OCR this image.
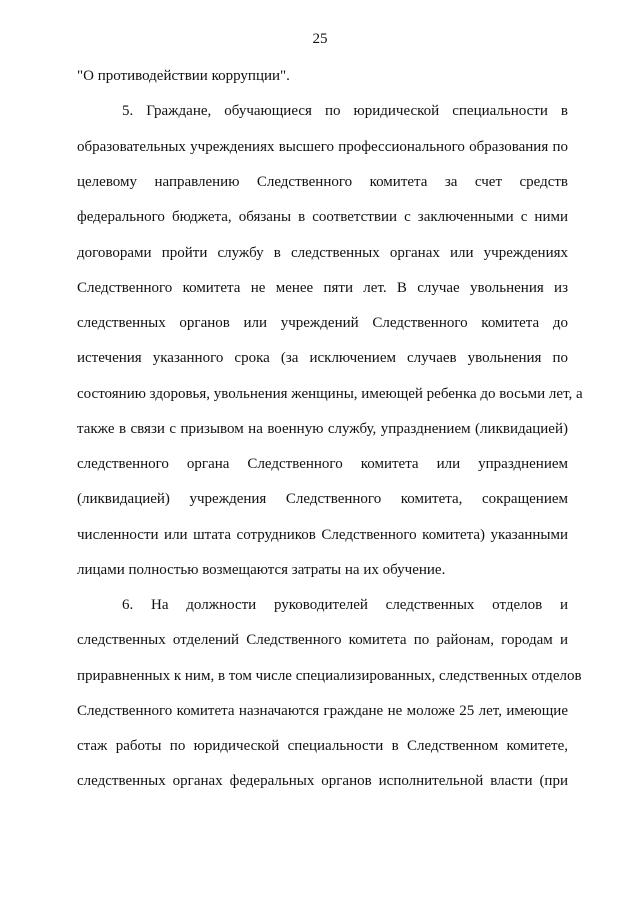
25
"О противодействии коррупции".
5. Граждане, обучающиеся по юридической специальности в
образовательных учреждениях высшего профессионального образования по
целевому направлению Следственного комитета за счет средств
федерального бюджета, обязаны в соответствии с заключенными с ними
договорами пройти службу в следственных органах или учреждениях
Следственного комитета не менее пяти лет. В случае увольнения из
следственных органов или учреждений Следственного комитета до
истечения указанного срока (за исключением случаев увольнения по
состоянию здоровья, увольнения женщины, имеющей ребенка до восьми лет, а
также в связи с призывом на военную службу, упразднением (ликвидацией)
следственного органа Следственного комитета или упразднением
(ликвидацией) учреждения Следственного комитета, сокращением
численности или штата сотрудников Следственного комитета) указанными
лицами полностью возмещаются затраты на их обучение.
6. На должности руководителей следственных отделов и
следственных отделений Следственного комитета по районам, городам и
приравненных к ним, в том числе специализированных, следственных отделов
Следственного комитета назначаются граждане не моложе 25 лет, имеющие
стаж работы по юридической специальности в Следственном комитете,
следственных органах федеральных органов исполнительной власти (при
